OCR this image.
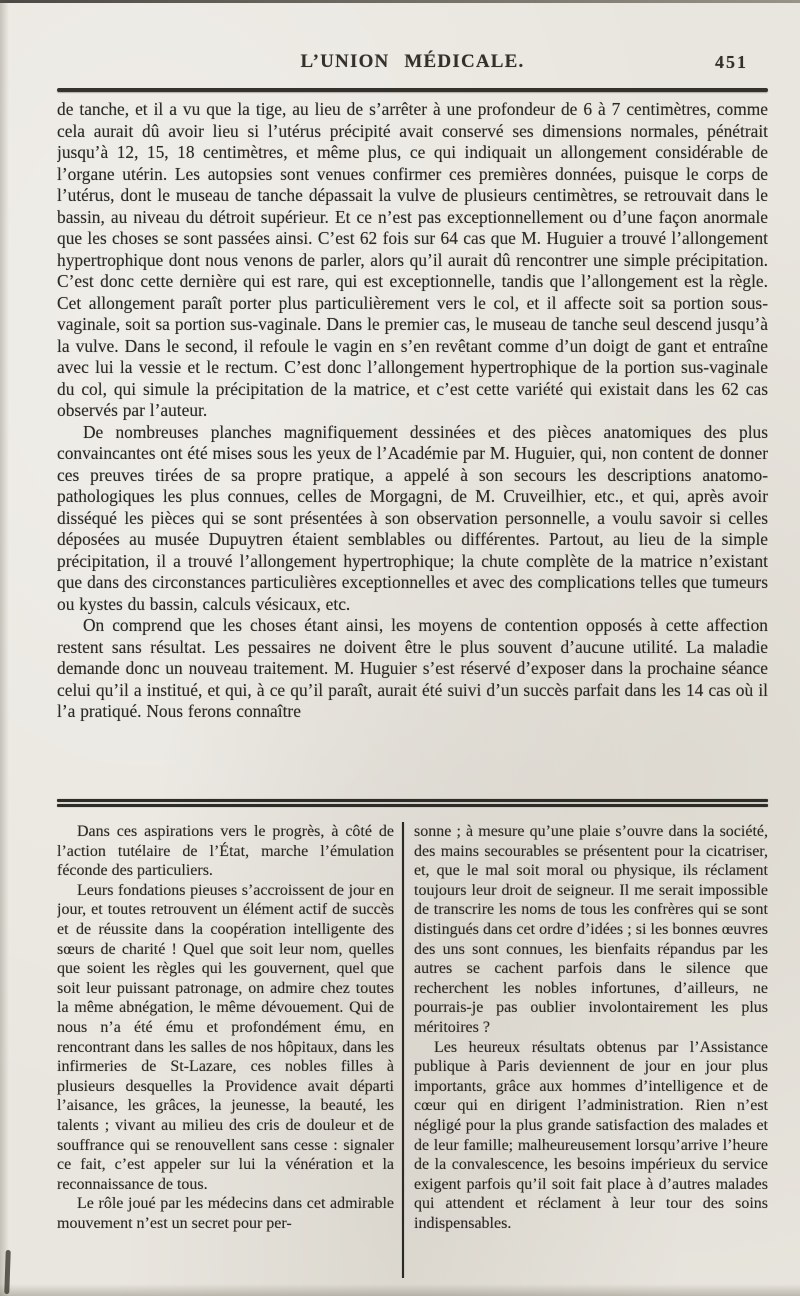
L’UNION MÉDICALE.	451

de tanche, et il a vu que la tige, au lieu de s’arrêter à une profondeur de 6 à 7 centimètres, comme cela aurait dû avoir lieu si l’utérus précipité avait conservé ses dimensions normales, pénétrait jusqu’à 12, 15, 18 centimètres, et même plus, ce qui indiquait un allongement considérable de l’organe utérin. Les autopsies sont venues confirmer ces premières données, puisque le corps de l’utérus, dont le museau de tanche dépassait la vulve de plusieurs centimètres, se retrouvait dans le bassin, au niveau du détroit supérieur. Et ce n’est pas exceptionnellement ou d’une façon anormale que les choses se sont passées ainsi. C’est 62 fois sur 64 cas que M. Huguier a trouvé l’allongement hypertrophique dont nous venons de parler, alors qu’il aurait dû rencontrer une simple précipitation. C’est donc cette dernière qui est rare, qui est exceptionnelle, tandis que l’allongement est la règle. Cet allongement paraît porter plus particulièrement vers le col, et il affecte soit sa portion sous-vaginale, soit sa portion sus-vaginale. Dans le premier cas, le museau de tanche seul descend jusqu’à la vulve. Dans le second, il refoule le vagin en s’en revêtant comme d’un doigt de gant et entraîne avec lui la vessie et le rectum. C’est donc l’allongement hypertrophique de la portion sus-vaginale du col, qui simule la précipitation de la matrice, et c’est cette variété qui existait dans les 62 cas observés par l’auteur.

De nombreuses planches magnifiquement dessinées et des pièces anatomiques des plus convaincantes ont été mises sous les yeux de l’Académie par M. Huguier, qui, non content de donner ces preuves tirées de sa propre pratique, a appelé à son secours les descriptions anatomo-pathologiques les plus connues, celles de Morgagni, de M. Cruveilhier, etc., et qui, après avoir disséqué les pièces qui se sont présentées à son observation personnelle, a voulu savoir si celles déposées au musée Dupuytren étaient semblables ou différentes. Partout, au lieu de la simple précipitation, il a trouvé l’allongement hypertrophique; la chute complète de la matrice n’existant que dans des circonstances particulières exceptionnelles et avec des complications telles que tumeurs ou kystes du bassin, calculs vésicaux, etc.

On comprend que les choses étant ainsi, les moyens de contention opposés à cette affection restent sans résultat. Les pessaires ne doivent être le plus souvent d’aucune utilité. La maladie demande donc un nouveau traitement. M. Huguier s’est réservé d’exposer dans la prochaine séance celui qu’il a institué, et qui, à ce qu’il paraît, aurait été suivi d’un succès parfait dans les 14 cas où il l’a pratiqué. Nous ferons connaître

Dans ces aspirations vers le progrès, à côté de l’action tutélaire de l’État, marche l’émulation féconde des particuliers.

Leurs fondations pieuses s’accroissent de jour en jour, et toutes retrouvent un élément actif de succès et de réussite dans la coopération intelligente des sœurs de charité ! Quel que soit leur nom, quelles que soient les règles qui les gouvernent, quel que soit leur puissant patronage, on admire chez toutes la même abnégation, le même dévouement. Qui de nous n’a été ému et profondément ému, en rencontrant dans les salles de nos hôpitaux, dans les infirmeries de St-Lazare, ces nobles filles à plusieurs desquelles la Providence avait départi l’aisance, les grâces, la jeunesse, la beauté, les talents ; vivant au milieu des cris de douleur et de souffrance qui se renouvellent sans cesse : signaler ce fait, c’est appeler sur lui la vénération et la reconnaissance de tous.

Le rôle joué par les médecins dans cet admirable mouvement n’est un secret pour per-

sonne ; à mesure qu’une plaie s’ouvre dans la société, des mains secourables se présentent pour la cicatriser, et, que le mal soit moral ou physique, ils réclament toujours leur droit de seigneur. Il me serait impossible de transcrire les noms de tous les confrères qui se sont distingués dans cet ordre d’idées ; si les bonnes œuvres des uns sont connues, les bienfaits répandus par les autres se cachent parfois dans le silence que recherchent les nobles infortunes, d’ailleurs, ne pourrais-je pas oublier involontairement les plus méritoires ?

Les heureux résultats obtenus par l’Assistance publique à Paris deviennent de jour en jour plus importants, grâce aux hommes d’intelligence et de cœur qui en dirigent l’administration. Rien n’est négligé pour la plus grande satisfaction des malades et de leur famille; malheureusement lorsqu’arrive l’heure de la convalescence, les besoins impérieux du service exigent parfois qu’il soit fait place à d’autres malades qui attendent et réclament à leur tour des soins indispensables.
